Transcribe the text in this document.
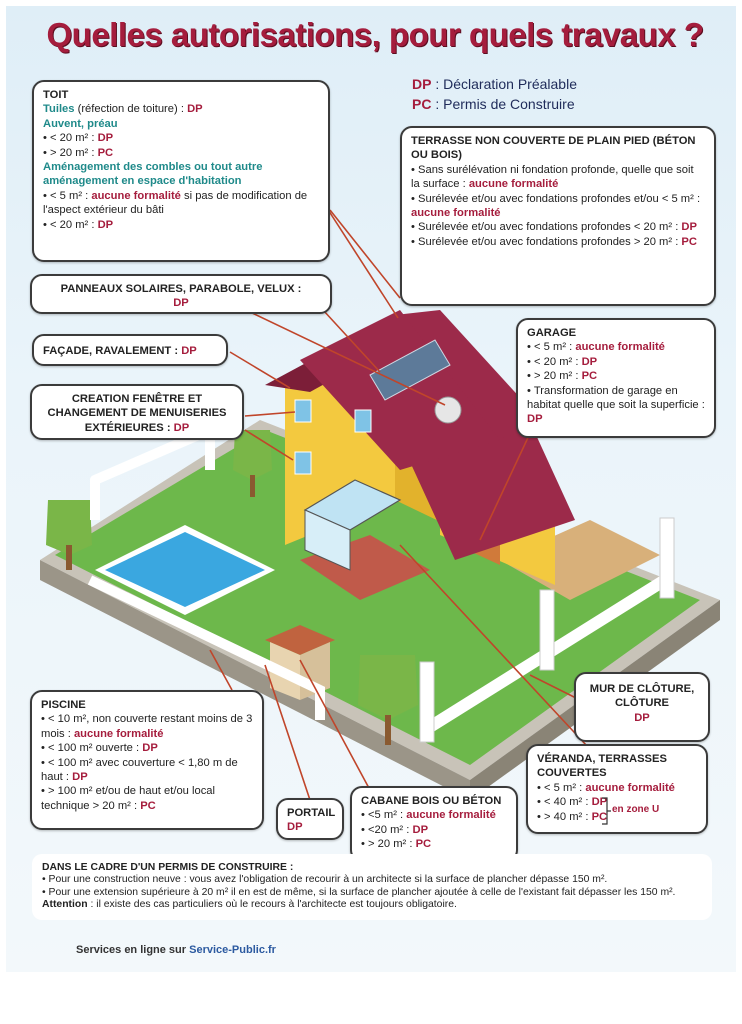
Quelles autorisations, pour quels travaux ?
DP : Déclaration Préalable
PC : Permis de Construire
TOIT
Tuiles (réfection de toiture) : DP
Auvent, préau
• < 20 m² : DP
• > 20 m² : PC
Aménagement des combles ou tout autre aménagement en espace d'habitation
• < 5 m² : aucune formalité si pas de modification de l'aspect extérieur du bâti
• < 20 m² : DP
TERRASSE NON COUVERTE DE PLAIN PIED (BÉTON OU BOIS)
• Sans surélévation ni fondation profonde, quelle que soit la surface : aucune formalité
• Surélevée et/ou avec fondations profondes et/ou < 5 m² : aucune formalité
• Surélevée et/ou avec fondations profondes < 20 m² : DP
• Surélevée et/ou avec fondations profondes > 20 m² : PC
PANNEAUX SOLAIRES, PARABOLE, VELUX :
DP
FAÇADE, RAVALEMENT : DP
CREATION FENÊTRE ET CHANGEMENT DE MENUISERIES EXTÉRIEURES : DP
GARAGE
• < 5 m² : aucune formalité
• < 20 m² : DP
• > 20 m² : PC
• Transformation de garage en habitat quelle que soit la superficie : DP
MUR DE CLÔTURE, CLÔTURE
DP
PISCINE
• < 10 m², non couverte restant moins de 3 mois : aucune formalité
• < 100 m² ouverte : DP
• < 100 m² avec couverture < 1,80 m de haut : DP
• > 100 m² et/ou de haut et/ou local technique > 20 m² : PC
PORTAIL
DP
CABANE BOIS OU BÉTON
• <5 m² : aucune formalité
• <20 m² : DP
• > 20 m² : PC
VÉRANDA, TERRASSES COUVERTES
• < 5 m² : aucune formalité
• < 40 m² : DP
• > 40 m² : PC
en zone U
DANS LE CADRE D'UN PERMIS DE CONSTRUIRE :
• Pour une construction neuve : vous avez l'obligation de recourir à un architecte si la surface de plancher dépasse 150 m².
• Pour une extension supérieure à 20 m² il en est de même, si la surface de plancher ajoutée à celle de l'existant fait dépasser les 150 m².
Attention : il existe des cas particuliers où le recours à l'architecte est toujours obligatoire.
Services en ligne sur Service-Public.fr
